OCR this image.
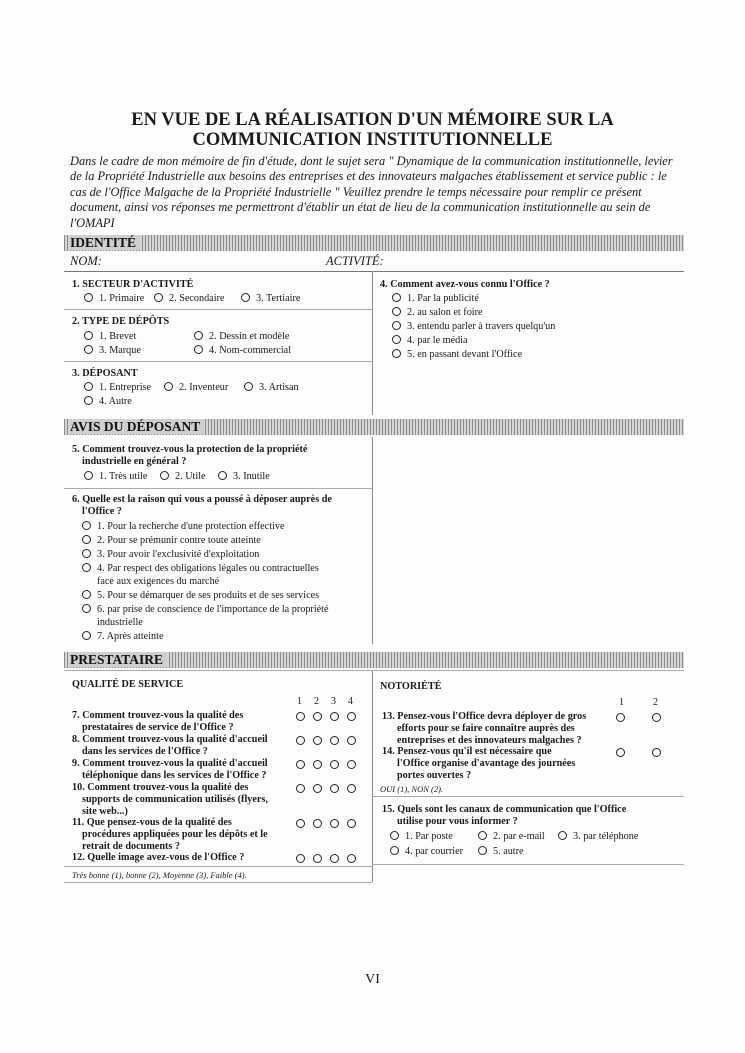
EN VUE DE LA RÉALISATION D'UN MÉMOIRE SUR LA
COMMUNICATION INSTITUTIONNELLE
Dans le cadre de mon mémoire de fin d'étude, dont le sujet sera " Dynamique de la communication institutionnelle, levier de la Propriété Industrielle aux besoins des entreprises et des innovateurs malgaches établissement et service public : le cas de l'Office Malgache de la Propriété Industrielle " Veuillez prendre le temps nécessaire pour remplir ce présent document, ainsi vos réponses me permettront d'établir un état de lieu de la communication institutionnelle au sein de l'OMAPI
IDENTITÉ
NOM:	ACTIVITÉ:
1. SECTEUR D'ACTIVITÉ
1. Primaire	2. Secondaire	3. Tertiaire
2. TYPE DE DÉPÔTS
1. Brevet	2. Dessin et modèle
3. Marque	4. Nom-commercial
3. DÉPOSANT
1. Entreprise	2. Inventeur	3. Artisan
4. Autre
4. Comment avez-vous connu l'Office ?
1. Par la publicité
2. au salon et foire
3. entendu parler à travers quelqu'un
4. par le média
5. en passant devant l'Office
AVIS DU DÉPOSANT
5. Comment trouvez-vous la protection de la propriété
industrielle en général ?
1. Très utile	2. Utile	3. Inutile
6. Quelle est la raison qui vous a poussé à déposer auprès de
l'Office ?
1. Pour la recherche d'une protection effective
2. Pour se prémunir contre toute atteinte
3. Pour avoir l'exclusivité d'exploitation
4. Par respect des obligations légales ou contractuelles
face aux exigences du marché
5. Pour se démarquer de ses produits et de ses services
6. par prise de conscience de l'importance de la propriété
industrielle
7. Après atteinte
PRESTATAIRE
QUALITÉ DE SERVICE
1 2 3 4
7. Comment trouvez-vous la qualité des
prestataires de service de l'Office ?
8. Comment trouvez-vous la qualité d'accueil
dans les services de l'Office ?
9. Comment trouvez-vous la qualité d'accueil
téléphonique dans les services de l'Office ?
10. Comment trouvez-vous la qualité des
supports de communication utilisés (flyers,
site web...)
11. Que pensez-vous de la qualité des
procédures appliquées pour les dépôts et le
retrait de documents ?
12. Quelle image avez-vous de l'Office ?
Très bonne (1), bonne (2), Moyenne (3), Faible (4).
NOTORIÉTÉ
1	2
13. Pensez-vous l'Office devra déployer de gros
efforts pour se faire connaître auprès des
entreprises et des innovateurs malgaches ?
14. Pensez-vous qu'il est nécessaire que
l'Office organise d'avantage des journées
portes ouvertes ?
OUI (1), NON (2).
15. Quels sont les canaux de communication que l'Office
utilise pour vous informer ?
1. Par poste	2. par e-mail	3. par téléphone
4. par courrier	5. autre
VI
